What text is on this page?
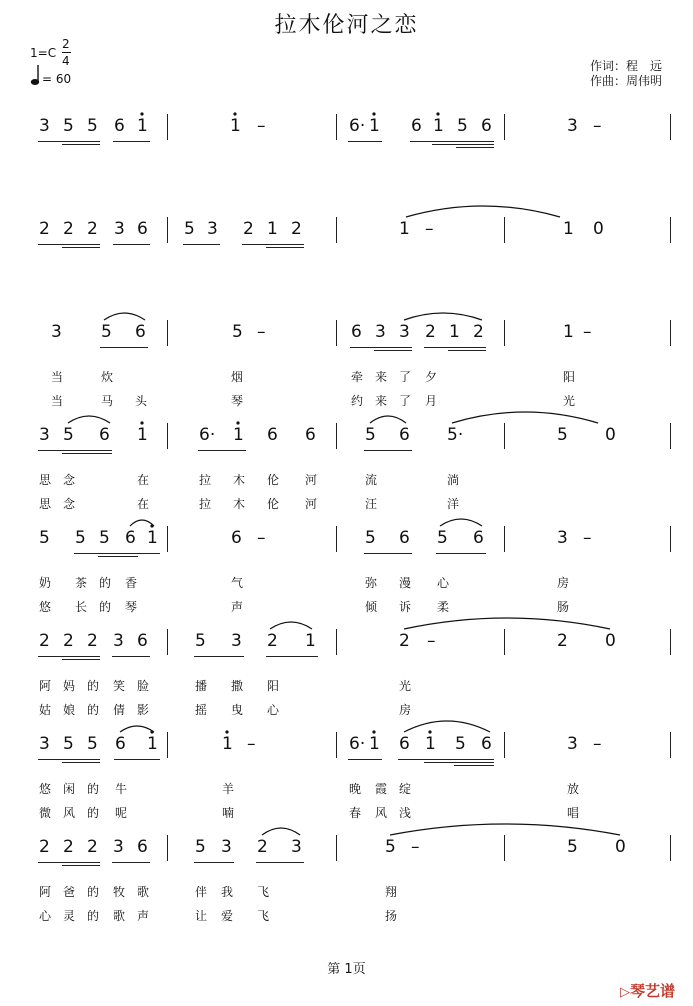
拉木伦河之恋
1=C
2
4
= 60
作词：程　远
作曲：周伟明
3 5 5 6 1	1 –	6· 1 6 1 5 6	3 –
2 2 2 3 6 5 3 2 1 2	1 –	1 0
3 5 6	5 –	6 3 3 2 1 2	1 –
当	炊	烟	牵 来 了 夕	阳
当	马 头	琴	约 来 了 月	光
3 5 6 1	6· 1 6 6	5 6 5·	5 0
思 念	在	拉 木 伦 河	流	淌
思 念	在	拉 木 伦 河	汪	洋
5 5 5 6 1	6 –	5 6 5 6	3 –
奶 茶 的 香	气	弥 漫 心	房
悠 长 的 琴	声	倾 诉 柔	肠
2 2 2 3 6	5 3 2 1	2 –	2 0
阿 妈 的 笑 脸	播 撒 阳	光
姑 娘 的 倩 影	摇 曳 心	房
3 5 5 6 1	1 –	6· 1 6 1 5 6	3 –
悠 闲 的 牛	羊	晚 霞 绽	放
微 风 的 呢	喃	春 风 浅	唱
2 2 2 3 6	5 3 2 3	5 –	5 0
阿 爸 的 牧 歌	伴 我 飞	翔
心 灵 的 歌 声	让 爱 飞	扬
第 1页
▷琴艺谱
